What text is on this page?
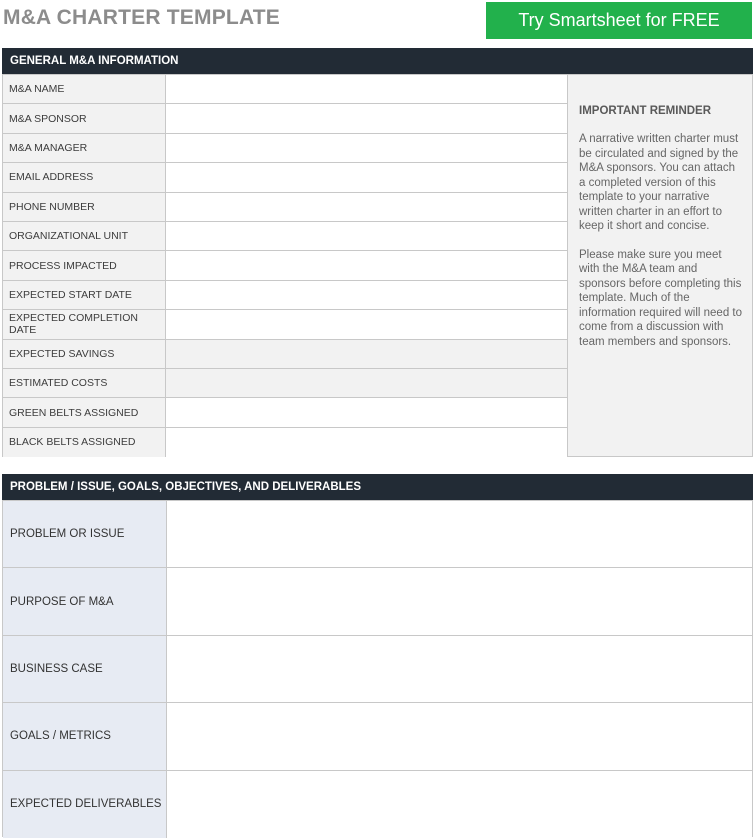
M&A CHARTER TEMPLATE	Try Smartsheet for FREE
GENERAL M&A INFORMATION
M&A NAME
M&A SPONSOR
M&A MANAGER
EMAIL ADDRESS
PHONE NUMBER
ORGANIZATIONAL UNIT
PROCESS IMPACTED
EXPECTED START DATE
EXPECTED COMPLETION DATE
EXPECTED SAVINGS
ESTIMATED COSTS
GREEN BELTS ASSIGNED
BLACK BELTS ASSIGNED
IMPORTANT REMINDER

A narrative written charter must be circulated and signed by the M&A sponsors. You can attach a completed version of this template to your narrative written charter in an effort to keep it short and concise.

Please make sure you meet with the M&A team and sponsors before completing this template. Much of the information required will need to come from a discussion with team members and sponsors.

PROBLEM / ISSUE, GOALS, OBJECTIVES, AND DELIVERABLES
PROBLEM OR ISSUE
PURPOSE OF M&A
BUSINESS CASE
GOALS / METRICS
EXPECTED DELIVERABLES
